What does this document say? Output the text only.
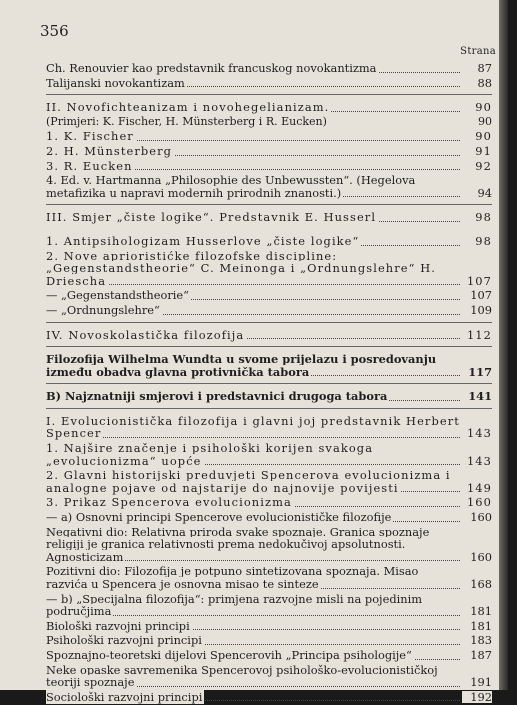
356
Strana
Ch. Renouvier kao predstavnik francuskog novokantizma	87
Talijanski novokantizam	88
II. Novofichteanizam i novohegelianizam.	90
(Primjeri: K. Fischer, H. Münsterberg i R. Eucken)	90
1. K. Fischer	90
2. H. Münsterberg	91
3. R. Eucken	92
4. Ed. v. Hartmanna „Philosophie des Unbewussten“. (Hegelova metafizika u napravi modernih prirodnih znanosti.)	94
III. Smjer „čiste logike“. Predstavnik E. Husserl	98
1. Antipsihologizam Husserlove „čiste logike“	98
2. Nove aprioristićke filozofske discipline: „Gegenstandstheorie“ C. Meinonga i „Ordnungslehre“ H. Driescha	107
— „Gegenstandstheorie“	107
— „Ordnungslehre“	109
IV. Novoskolastička filozofija	112
Filozofija Wilhelma Wundta u svome prijelazu i posredovanju između obadva glavna protivnička tabora	117
B) Najznatniji smjerovi i predstavnici drugoga tabora	141
I. Evolucionistička filozofija i glavni joj predstavnik Herbert Spencer	143
1. Najšire značenje i psihološki korijen svakoga „evolucionizma“ uopće	143
2. Glavni historijski preduvjeti Spencerova evolucionizma i analogne pojave od najstarije do najnovije povijesti	149
3. Prikaz Spencerova evolucionizma	160
— a) Osnovni principi Spencerove evolucionističke filozofije	160
Negativni dio: Relativna priroda svake spoznaje. Granica spoznaje religiji je granica relativnosti prema nedokučivoj apsolutnosti. Agnosticizam	160
Pozitivni dio: Filozofija je potpuno sintetizovana spoznaja. Misao razvića u Spencera je osnovna misao te sinteze	168
— b) „Specijalna filozofija“: primjena razvojne misli na pojedinim područjima	181
Biološki razvojni principi	181
Psihološki razvojni principi	183
Spoznajno-teoretski dijelovi Spencerovih „Principa psihologije“	187
Neke opaske savremenika Spencerovoj psihološko-evolucionističkoj teoriji spoznaje	191
Sociološki razvojni principi	192
